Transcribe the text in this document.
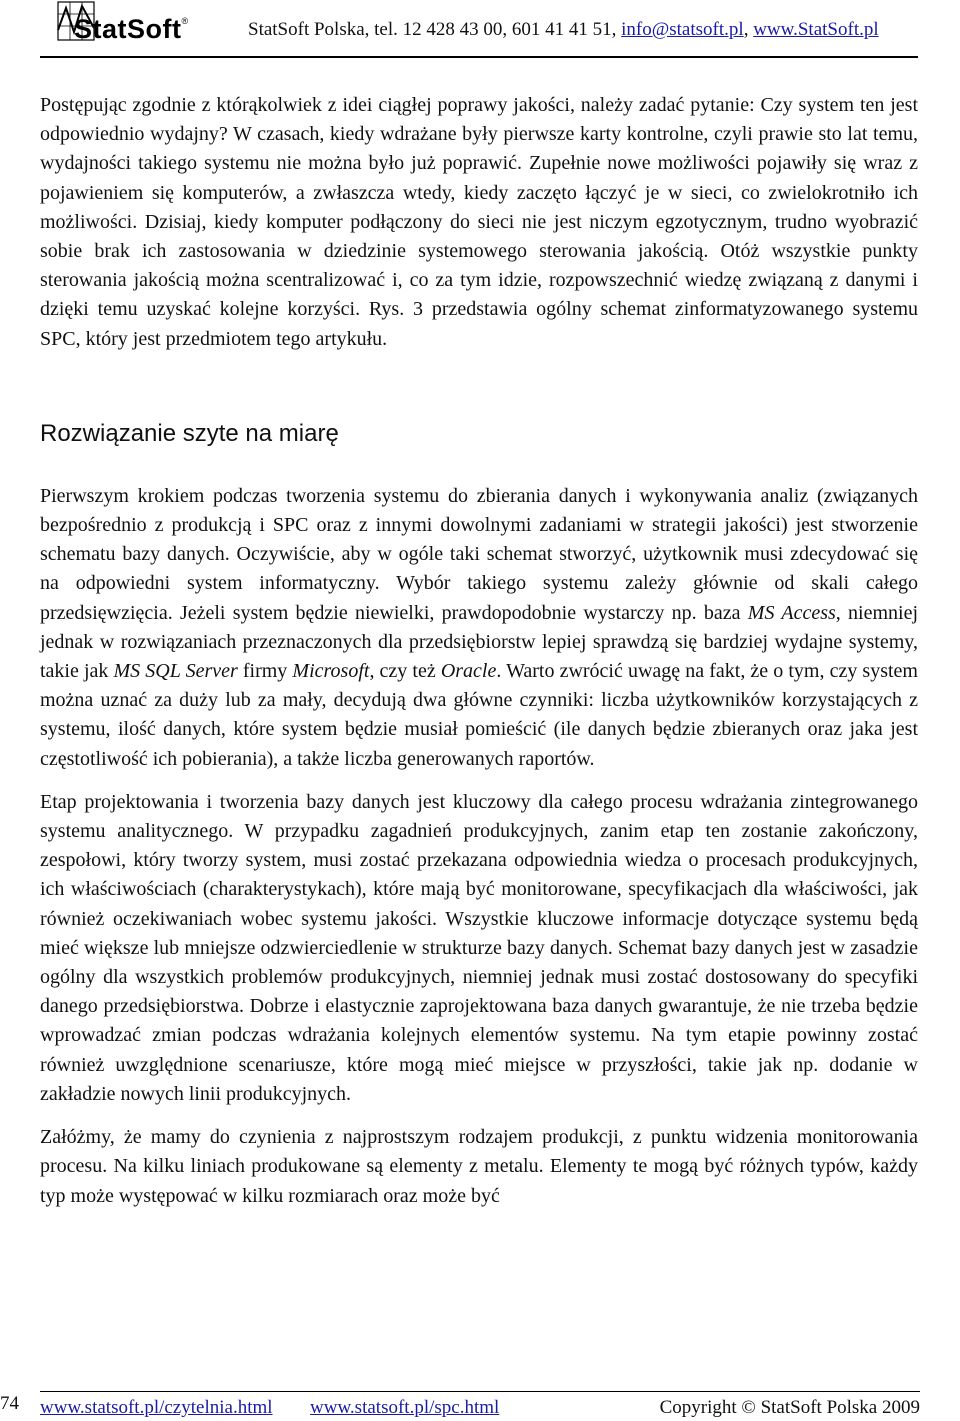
StatSoft®	StatSoft Polska, tel. 12 428 43 00, 601 41 41 51, info@statsoft.pl, www.StatSoft.pl

Postępując zgodnie z którąkolwiek z idei ciągłej poprawy jakości, należy zadać pytanie: Czy system ten jest odpowiednio wydajny? W czasach, kiedy wdrażane były pierwsze karty kontrolne, czyli prawie sto lat temu, wydajności takiego systemu nie można było już poprawić. Zupełnie nowe możliwości pojawiły się wraz z pojawieniem się komputerów, a zwłaszcza wtedy, kiedy zaczęto łączyć je w sieci, co zwielokrotniło ich możliwości. Dzisiaj, kiedy komputer podłączony do sieci nie jest niczym egzotycznym, trudno wyobrazić sobie brak ich zastosowania w dziedzinie systemowego sterowania jakością. Otóż wszystkie punkty sterowania jakością można scentralizować i, co za tym idzie, rozpowszechnić wiedzę związaną z danymi i dzięki temu uzyskać kolejne korzyści. Rys. 3 przedstawia ogólny schemat zinformatyzowanego systemu SPC, który jest przedmiotem tego artykułu.

Rozwiązanie szyte na miarę

Pierwszym krokiem podczas tworzenia systemu do zbierania danych i wykonywania analiz (związanych bezpośrednio z produkcją i SPC oraz z innymi dowolnymi zadaniami w strategii jakości) jest stworzenie schematu bazy danych. Oczywiście, aby w ogóle taki schemat stworzyć, użytkownik musi zdecydować się na odpowiedni system informatyczny. Wybór takiego systemu zależy głównie od skali całego przedsięwzięcia. Jeżeli system będzie niewielki, prawdopodobnie wystarczy np. baza MS Access, niemniej jednak w rozwiązaniach przeznaczonych dla przedsiębiorstw lepiej sprawdzą się bardziej wydajne systemy, takie jak MS SQL Server firmy Microsoft, czy też Oracle. Warto zwrócić uwagę na fakt, że o tym, czy system można uznać za duży lub za mały, decydują dwa główne czynniki: liczba użytkowników korzystających z systemu, ilość danych, które system będzie musiał pomieścić (ile danych będzie zbieranych oraz jaka jest częstotliwość ich pobierania), a także liczba generowanych raportów.

Etap projektowania i tworzenia bazy danych jest kluczowy dla całego procesu wdrażania zintegrowanego systemu analitycznego. W przypadku zagadnień produkcyjnych, zanim etap ten zostanie zakończony, zespołowi, który tworzy system, musi zostać przekazana odpowiednia wiedza o procesach produkcyjnych, ich właściwościach (charakterystykach), które mają być monitorowane, specyfikacjach dla właściwości, jak również oczekiwaniach wobec systemu jakości. Wszystkie kluczowe informacje dotyczące systemu będą mieć większe lub mniejsze odzwierciedlenie w strukturze bazy danych. Schemat bazy danych jest w zasadzie ogólny dla wszystkich problemów produkcyjnych, niemniej jednak musi zostać dostosowany do specyfiki danego przedsiębiorstwa. Dobrze i elastycznie zaprojektowana baza danych gwarantuje, że nie trzeba będzie wprowadzać zmian podczas wdrażania kolejnych elementów systemu. Na tym etapie powinny zostać również uwzględnione scenariusze, które mogą mieć miejsce w przyszłości, takie jak np. dodanie w zakładzie nowych linii produkcyjnych.

Załóżmy, że mamy do czynienia z najprostszym rodzajem produkcji, z punktu widzenia monitorowania procesu. Na kilku liniach produkowane są elementy z metalu. Elementy te mogą być różnych typów, każdy typ może występować w kilku rozmiarach oraz może być

74 www.statsoft.pl/czytelnia.html www.statsoft.pl/spc.html	Copyright © StatSoft Polska 2009
